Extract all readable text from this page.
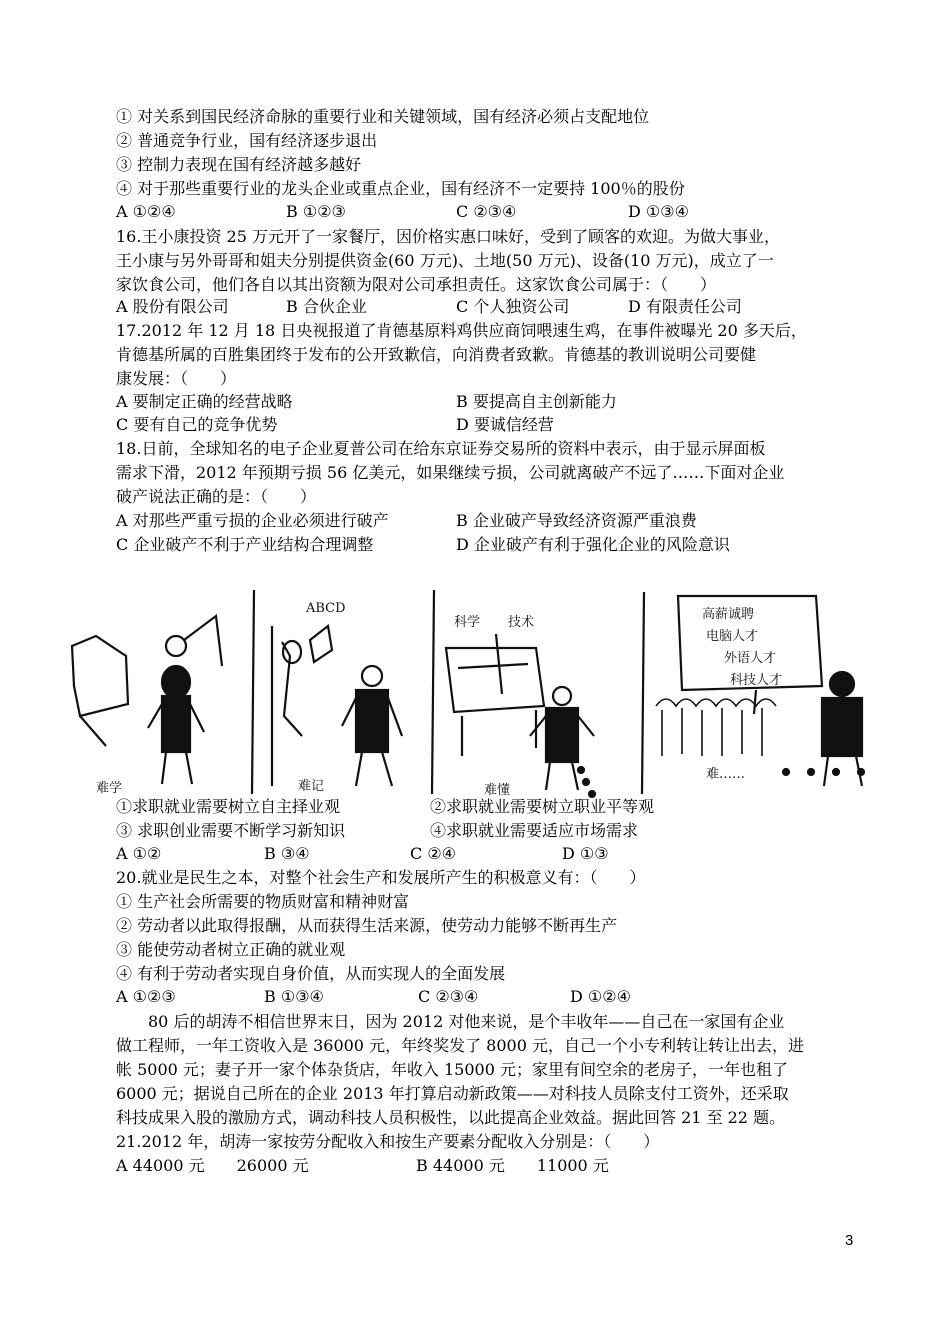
① 对关系到国民经济命脉的重要行业和关键领域，国有经济必须占支配地位
② 普通竞争行业，国有经济逐步退出
③ 控制力表现在国有经济越多越好
④ 对于那些重要行业的龙头企业或重点企业，国有经济不一定要持 100％的股份
A ①②④	B ①②③	C ②③④	D ①③④
16.王小康投资 25 万元开了一家餐厅，因价格实惠口味好，受到了顾客的欢迎。为做大事业，
王小康与另外哥哥和姐夫分别提供资金(60 万元)、土地(50 万元)、设备(10 万元)，成立了一
家饮食公司，他们各自以其出资额为限对公司承担责任。这家饮食公司属于：（　　）
A 股份有限公司	B 合伙企业	C 个人独资公司	D 有限责任公司
17.2012 年 12 月 18 日央视报道了肯德基原料鸡供应商饲喂速生鸡，在事件被曝光 20 多天后，
肯德基所属的百胜集团终于发布的公开致歉信，向消费者致歉。肯德基的教训说明公司要健
康发展：（　　）
A 要制定正确的经营战略	B 要提高自主创新能力
C 要有自己的竞争优势	D 要诚信经营
18.日前，全球知名的电子企业夏普公司在给东京证券交易所的资料中表示，由于显示屏面板
需求下滑，2012 年预期亏损 56 亿美元，如果继续亏损，公司就离破产不远了……下面对企业
破产说法正确的是：（　　）
A 对那些严重亏损的企业必须进行破产	B 企业破产导致经济资源严重浪费
C 企业破产不利于产业结构合理调整	D 企业破产有利于强化企业的风险意识
难学
ABCD
难记
科学 技术
难懂
高薪诚聘
电脑人才
外语人才
科技人才
难……
①求职就业需要树立自主择业观	②求职就业需要树立职业平等观
③ 求职创业需要不断学习新知识	④求职就业需要适应市场需求
A ①②	B ③④	C ②④	D ①③
20.就业是民生之本，对整个社会生产和发展所产生的积极意义有：（　　）
① 生产社会所需要的物质财富和精神财富
② 劳动者以此取得报酬，从而获得生活来源，使劳动力能够不断再生产
③ 能使劳动者树立正确的就业观
④ 有利于劳动者实现自身价值，从而实现人的全面发展
A ①②③	B ①③④	C ②③④	D ①②④
80 后的胡涛不相信世界末日，因为 2012 对他来说，是个丰收年——自己在一家国有企业
做工程师，一年工资收入是 36000 元，年终奖发了 8000 元，自己一个小专利转让转让出去，进
帐 5000 元；妻子开一家个体杂货店，年收入 15000 元；家里有间空余的老房子，一年也租了
6000 元；据说自己所在的企业 2013 年打算启动新政策——对科技人员除支付工资外，还采取
科技成果入股的激励方式，调动科技人员积极性，以此提高企业效益。据此回答 21 至 22 题。
21.2012 年，胡涛一家按劳分配收入和按生产要素分配收入分别是：（　　）
A 44000 元　　26000 元	B 44000 元　　11000 元
3
